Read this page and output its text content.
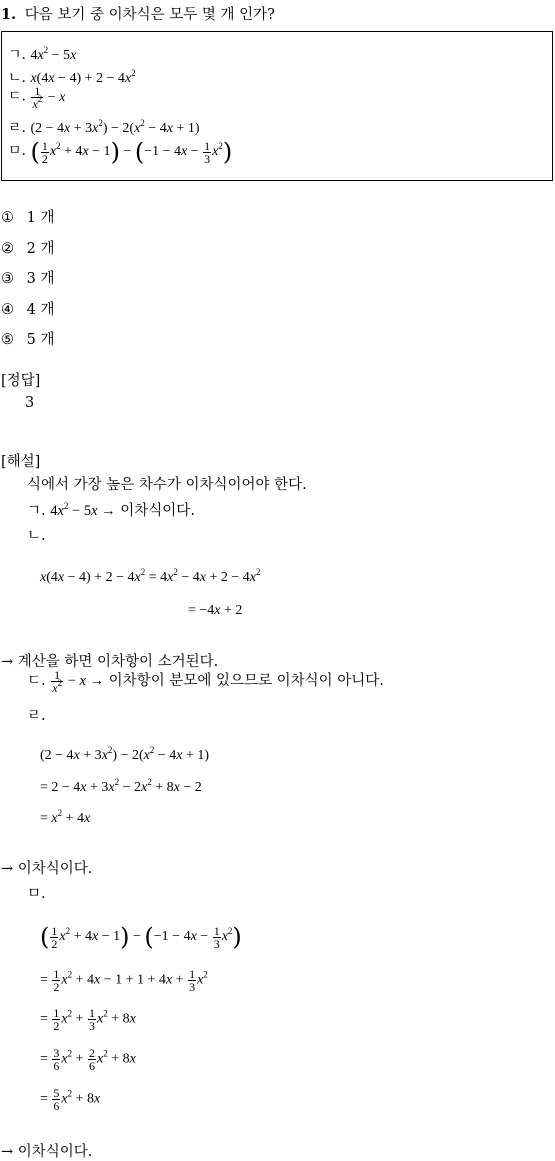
1. 다음 보기 중 이차식은 모두 몇 개 인가?
ㄱ. $4x^2 - 5x$
ㄴ. $x(4x - 4) + 2 - 4x^2$
ㄷ. $\frac{1}{x^2} - x$
ㄹ. $(2 - 4x + 3x^2) - 2(x^2 - 4x + 1)$
ㅁ. ( $\frac{1}{2} x^2 + 4x - 1) - (-1 - 4x - \frac{1}{3} x^2)$
① 1 개
② 2 개
③ 3 개
④ 4 개
⑤ 5 개
[정답]
3
[해설]
식에서 가장 높은 차수가 이차식이어야 한다.
ㄱ. $4x^2 - 5x$ → 이차식이다.
ㄴ.
$x(4x - 4) + 2 - 4x^2 = 4x^2 - 4x + 2 - 4x^2$
= −4x + 2
→ 계산을 하면 이차항이 소거된다.
ㄷ. $\frac{1}{x^2} - x$ → 이차항이 분모에 있으므로 이차식이 아니다.
ㄹ.
$(2 - 4x + 3x^2) - 2(x^2 - 4x + 1)$
= $2 - 4x + 3x^2 - 2x^2 + 8x - 2$
= $x^2 + 4x$
→ 이차식이다.
ㅁ.
( $\frac{1}{2} x^2 + 4x - 1) - (-1 - 4x - \frac{1}{3} x^2)$
= $\frac{1}{2} x^2 + 4x - 1 + 1 + 4x + \frac{1}{3} x^2$
= $\frac{1}{2} x^2 + \frac{1}{3} x^2 + 8x$
= $\frac{3}{6} x^2 + \frac{2}{6} x^2 + 8x$
= $\frac{5}{6} x^2 + 8x$
→ 이차식이다.
